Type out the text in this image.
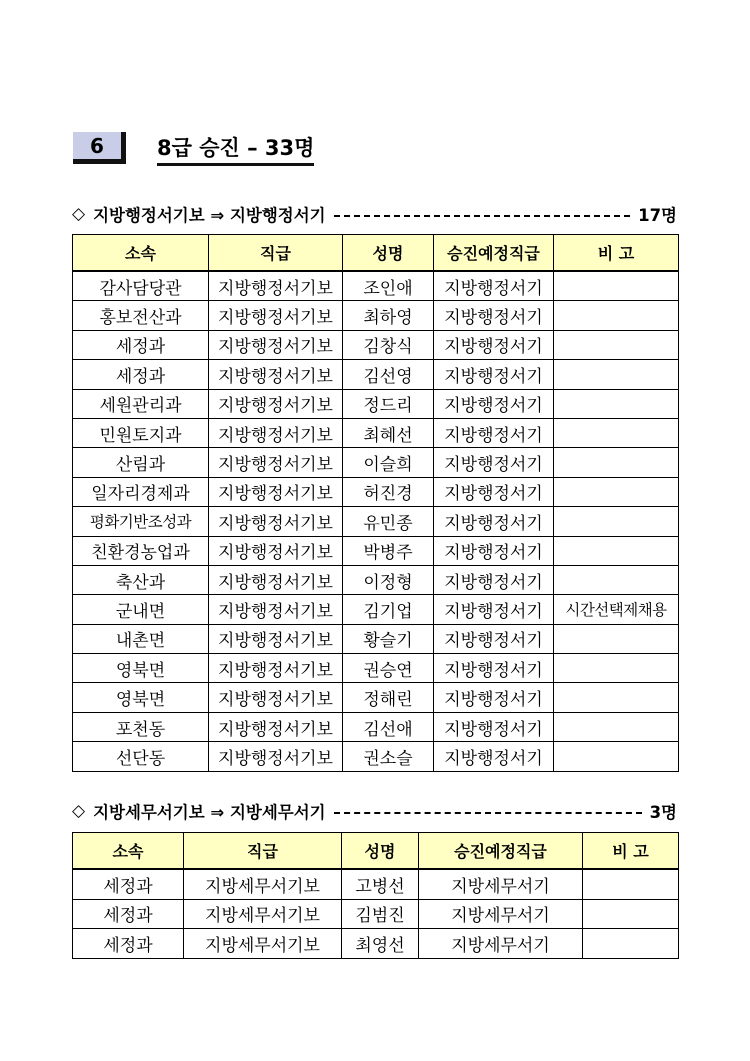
6	8급 승진 – 33명
◇ 지방행정서기보 ⇒ 지방행정서기	17명
소속	직급	성명	승진예정직급	비 고
감사담당관	지방행정서기보	조인애	지방행정서기	
홍보전산과	지방행정서기보	최하영	지방행정서기	
세정과	지방행정서기보	김창식	지방행정서기	
세정과	지방행정서기보	김선영	지방행정서기	
세원관리과	지방행정서기보	정드리	지방행정서기	
민원토지과	지방행정서기보	최혜선	지방행정서기	
산림과	지방행정서기보	이슬희	지방행정서기	
일자리경제과	지방행정서기보	허진경	지방행정서기	
평화기반조성과	지방행정서기보	유민종	지방행정서기	
친환경농업과	지방행정서기보	박병주	지방행정서기	
축산과	지방행정서기보	이정형	지방행정서기	
군내면	지방행정서기보	김기업	지방행정서기	시간선택제채용
내촌면	지방행정서기보	황슬기	지방행정서기	
영북면	지방행정서기보	권승연	지방행정서기	
영북면	지방행정서기보	정해린	지방행정서기	
포천동	지방행정서기보	김선애	지방행정서기	
선단동	지방행정서기보	권소슬	지방행정서기	
◇ 지방세무서기보 ⇒ 지방세무서기	3명
소속	직급	성명	승진예정직급	비 고
세정과	지방세무서기보	고병선	지방세무서기	
세정과	지방세무서기보	김범진	지방세무서기	
세정과	지방세무서기보	최영선	지방세무서기	
